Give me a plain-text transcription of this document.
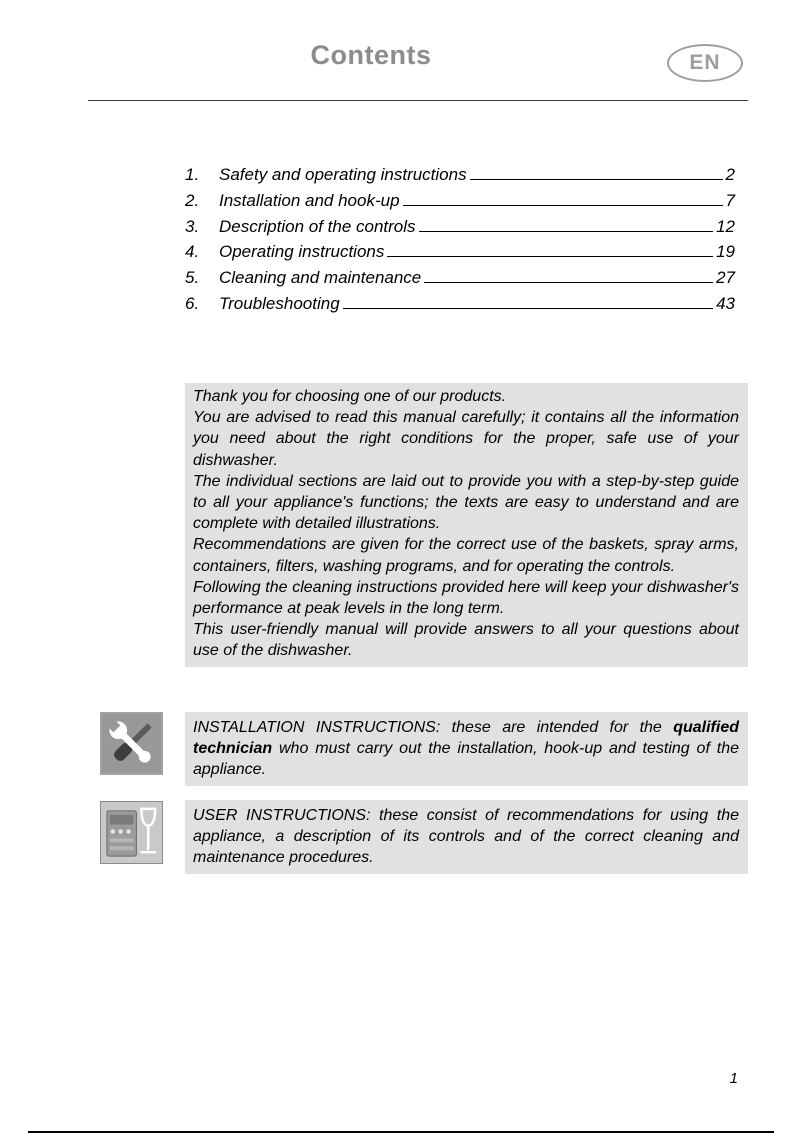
Contents	EN
1.	Safety and operating instructions	2
2.	Installation and hook-up	7
3.	Description of the controls	12
4.	Operating instructions	19
5.	Cleaning and maintenance	27
6.	Troubleshooting	43

Thank you for choosing one of our products.

You are advised to read this manual carefully; it contains all the information you need about the right conditions for the proper, safe use of your dishwasher.

The individual sections are laid out to provide you with a step-by-step guide to all your appliance's functions; the texts are easy to understand and are complete with detailed illustrations.

Recommendations are given for the correct use of the baskets, spray arms, containers, filters, washing programs, and for operating the controls.

Following the cleaning instructions provided here will keep your dishwasher's performance at peak levels in the long term.

This user-friendly manual will provide answers to all your questions about use of the dishwasher.

INSTALLATION INSTRUCTIONS: these are intended for the qualified technician who must carry out the installation, hook-up and testing of the appliance.
USER INSTRUCTIONS: these consist of recommendations for using the appliance, a description of its controls and of the correct cleaning and maintenance procedures.
1
